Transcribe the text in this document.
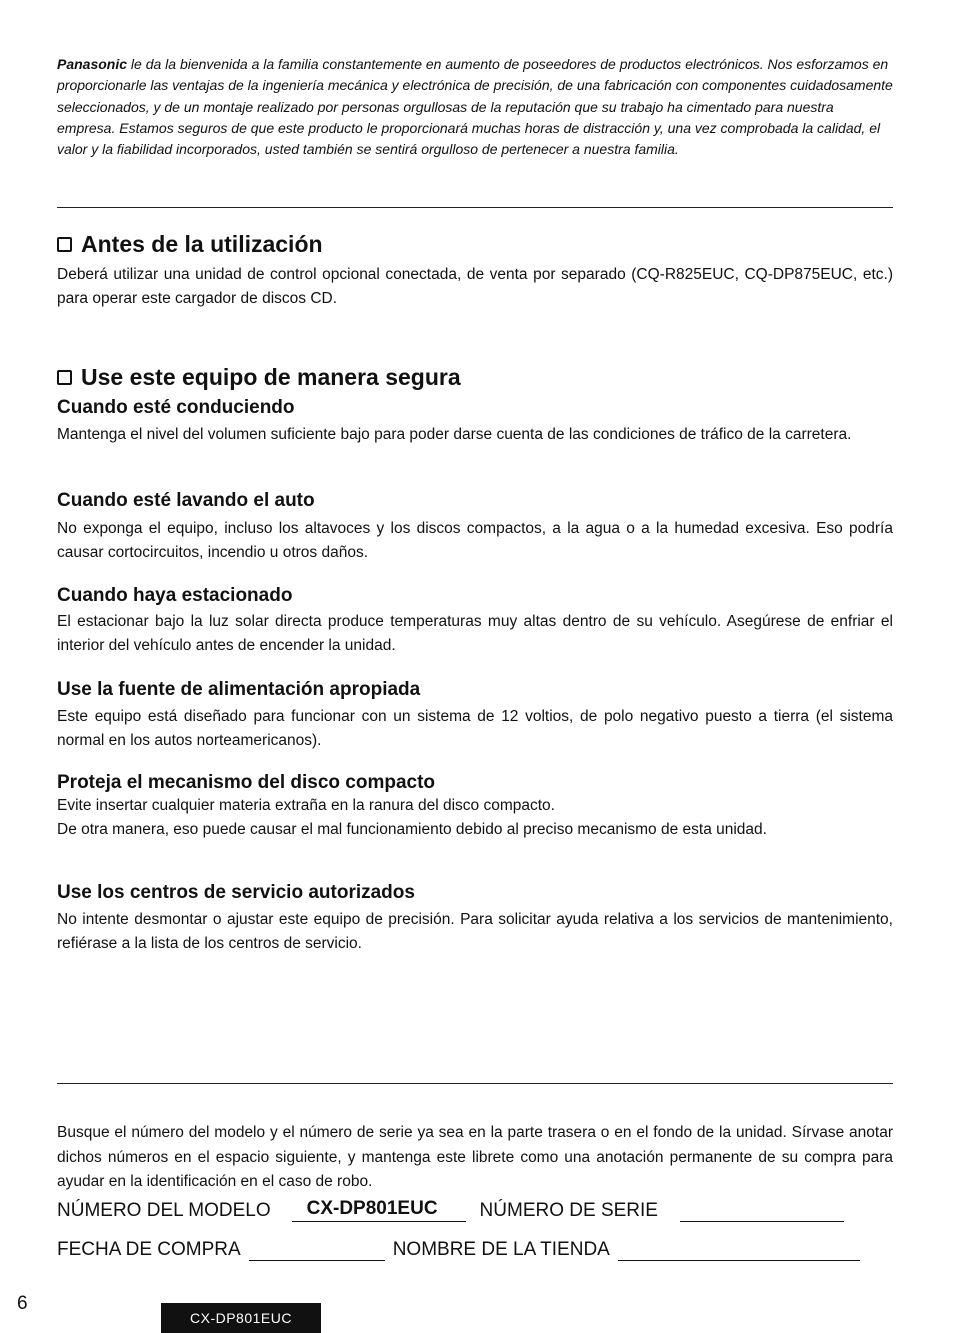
Panasonic le da la bienvenida a la familia constantemente en aumento de poseedores de productos electrónicos. Nos esforzamos en proporcionarle las ventajas de la ingeniería mecánica y electrónica de precisión, de una fabricación con componentes cuidadosamente seleccionados, y de un montaje realizado por personas orgullosas de la reputación que su trabajo ha cimentado para nuestra empresa. Estamos seguros de que este producto le proporcionará muchas horas de distracción y, una vez comprobada la calidad, el valor y la fiabilidad incorporados, usted también se sentirá orgulloso de pertenecer a nuestra familia.

Antes de la utilización

Deberá utilizar una unidad de control opcional conectada, de venta por separado (CQ-R825EUC, CQ-DP875EUC, etc.) para operar este cargador de discos CD.

Use este equipo de manera segura
Cuando esté conduciendo

Mantenga el nivel del volumen suficiente bajo para poder darse cuenta de las condiciones de tráfico de la carretera.

Cuando esté lavando el auto

No exponga el equipo, incluso los altavoces y los discos compactos, a la agua o a la humedad excesiva. Eso podría causar cortocircuitos, incendio u otros daños.

Cuando haya estacionado

El estacionar bajo la luz solar directa produce temperaturas muy altas dentro de su vehículo. Asegúrese de enfriar el interior del vehículo antes de encender la unidad.

Use la fuente de alimentación apropiada

Este equipo está diseñado para funcionar con un sistema de 12 voltios, de polo negativo puesto a tierra (el sistema normal en los autos norteamericanos).

Proteja el mecanismo del disco compacto

Evite insertar cualquier materia extraña en la ranura del disco compacto.

De otra manera, eso puede causar el mal funcionamiento debido al preciso mecanismo de esta unidad.

Use los centros de servicio autorizados

No intente desmontar o ajustar este equipo de precisión. Para solicitar ayuda relativa a los servicios de mantenimiento, refiérase a la lista de los centros de servicio.

Busque el número del modelo y el número de serie ya sea en la parte trasera o en el fondo de la unidad. Sírvase anotar dichos números en el espacio siguiente, y mantenga este librete como una anotación permanente de su compra para ayudar en la identificación en el caso de robo.

NÚMERO DEL MODELO	CX-DP801EUC	NÚMERO DE SERIE
FECHA DE COMPRA	NOMBRE DE LA TIENDA
6
CX-DP801EUC
